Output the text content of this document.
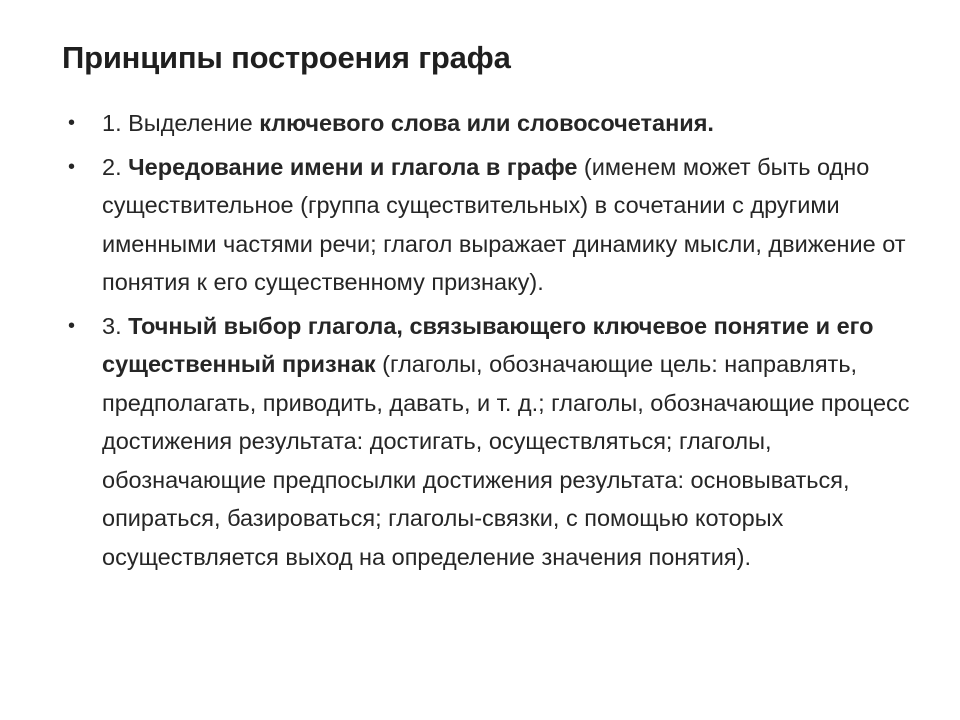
Принципы построения графа
• 1. Выделение ключевого слова или словосочетания.
• 2. Чередование имени и глагола в графе (именем может быть одно существительное (группа существительных) в сочетании с другими именными частями речи; глагол выражает динамику мысли, движение от понятия к его существенному признаку).
• 3. Точный выбор глагола, связывающего ключевое понятие и его существенный признак (глаголы, обозначающие цель: направлять, предполагать, приводить, давать, и т. д.; глаголы, обозначающие процесс достижения результата: достигать, осуществляться; глаголы, обозначающие предпосылки достижения результата: основываться, опираться, базироваться; глаголы-связки, с помощью которых осуществляется выход на определение значения понятия).
